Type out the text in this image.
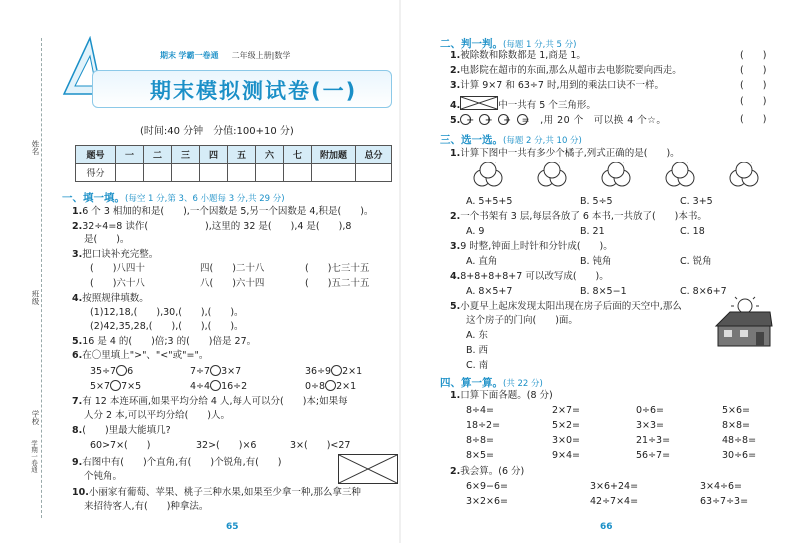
姓名
班级
学校
学期一卷通
期末 学霸一卷通 　 二年级上册|数学
期末模拟测试卷(一)
(时间:40 分钟　分值:100+10 分)
题号	一	二	三	四	五	六	七	附加题	总分
得分									
一、填一填。(每空 1 分,第 3、6 小题每 3 分,共 29 分)
1.6 个 3 相加的和是(　　),一个因数是 5,另一个因数是 4,积是(　　)。
2.32÷4=8 读作(　　　　　　),这里的 32 是(　　),4 是(　　),8
是(　　)。
3.把口诀补充完整。
(　　)八四十	四(　　)二十八	(　　)七三十五
(　　)六十八	八(　　)六十四	(　　)五二十五
4.按照规律填数。
(1)12,18,(　　),30,(　　),(　　)。
(2)42,35,28,(　　),(　　),(　　)。
5.16 是 4 的(　　)倍;3 的(　　)倍是 27。
6.在〇里填上">"、"<"或"="。
35÷7 6	7÷7 3×7	36÷9 2×1
5×7 7×5	4÷4 16÷2	0÷8 2×1
7.有 12 本连环画,如果平均分给 4 人,每人可以分(　　)本;如果每
人分 2 本,可以平均分给(　　)人。
8.(　　)里最大能填几?
60>7×(　　)	32>(　　)×6	3×(　　)<27
9.右图中有(　　)个直角,有(　　)个锐角,有(　　)
个钝角。
10.小丽家有葡萄、苹果、桃子三种水果,如果至少拿一种,那么拿三种
来招待客人,有(　　)种拿法。
65
二、判一判。(每题 1 分,共 5 分)
1.被除数和除数都是 1,商是 1。	(　　)
2.电影院在超市的东面,那么从超市去电影院要向西走。	(　　)
3.计算 9×7 和 63÷7 时,用到的乘法口诀不一样。	(　　)
4.	中一共有 5 个三角形。	(　　)
5. +　+　+　=　,用 20 个　可以换 4 个☆。	(　　)
三、选一选。(每题 2 分,共 10 分)
1.计算下图中一共有多少个橘子,列式正确的是(　　)。
A. 5+5+5	B. 5÷5	C. 3+5
2.一个书架有 3 层,每层各放了 6 本书,一共放了(　　)本书。
A. 9	B. 21	C. 18
3.9 时整,钟面上时针和分针成(　　)。
A. 直角	B. 钝角	C. 锐角
4.8+8+8+8+7 可以改写成(　　)。
A. 8×5+7	B. 8×5−1	C. 8×6+7
5.小夏早上起床发现太阳出现在房子后面的天空中,那么
这个房子的门向(　　)面。
A. 东
B. 西
C. 南
四、算一算。(共 22 分)
1.口算下面各题。(8 分)
8÷4=	2×7=	0÷6=	5×6=
18÷2=	5×2=	3×3=	8×8=
8÷8=	3×0=	21÷3=	48÷8=
8×5=	9×4=	56÷7=	30÷6=
2.我会算。(6 分)
6×9−6=	3×6+24=	3×4÷6=
3×2×6=	42÷7×4=	63÷7÷3=
66
